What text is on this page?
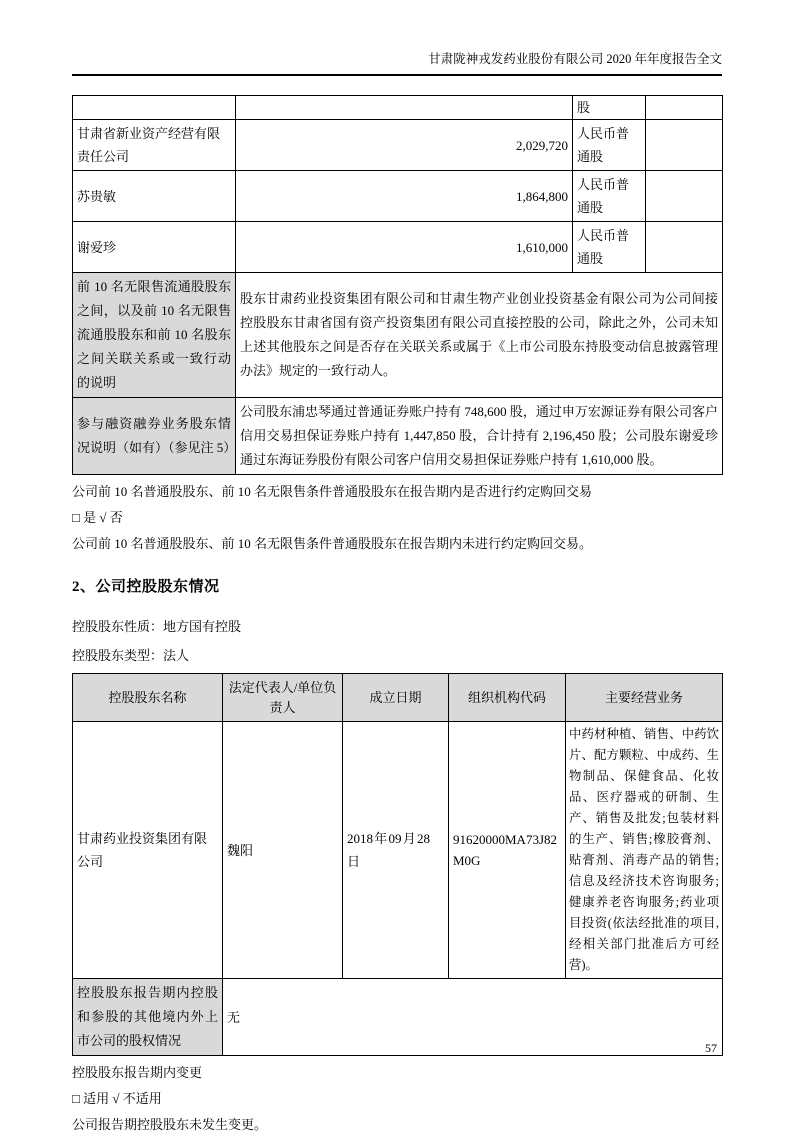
甘肃陇神戎发药业股份有限公司 2020 年年度报告全文
		股	
甘肃省新业资产经营有限责任公司	2,029,720	人民币普通股	
苏贵敏	1,864,800	人民币普通股	
谢爱珍	1,610,000	人民币普通股	
前 10 名无限售流通股股东之间，以及前 10 名无限售流通股股东和前 10 名股东之间关联关系或一致行动的说明	股东甘肃药业投资集团有限公司和甘肃生物产业创业投资基金有限公司为公司间接控股股东甘肃省国有资产投资集团有限公司直接控股的公司，除此之外，公司未知上述其他股东之间是否存在关联关系或属于《上市公司股东持股变动信息披露管理办法》规定的一致行动人。		
参与融资融券业务股东情况说明（如有）（参见注 5）	公司股东浦忠琴通过普通证券账户持有 748,600 股，通过申万宏源证券有限公司客户信用交易担保证券账户持有 1,447,850 股，合计持有 2,196,450 股；公司股东谢爱珍通过东海证券股份有限公司客户信用交易担保证券账户持有 1,610,000 股。		
公司前 10 名普通股股东、前 10 名无限售条件普通股股东在报告期内是否进行约定购回交易
□ 是 √ 否
公司前 10 名普通股股东、前 10 名无限售条件普通股股东在报告期内未进行约定购回交易。
2、公司控股股东情况
控股股东性质：地方国有控股
控股股东类型：法人
控股股东名称	法定代表人/单位负责人	成立日期	组织机构代码	主要经营业务
甘肃药业投资集团有限公司	魏阳	2018 年 09 月 28 日	91620000MA73J82M0G	中药材种植、销售、中药饮片、配方颗粒、中成药、生物制品、保健食品、化妆品、医疗器戒的研制、生产、销售及批发;包装材料的生产、销售;橡胶膏剂、贴膏剂、消毒产品的销售;信息及经济技术咨询服务;健康养老咨询服务;药业项目投资(依法经批准的项目,经相关部门批准后方可经营)。
控股股东报告期内控股和参股的其他境内外上市公司的股权情况	无			
控股股东报告期内变更
□ 适用 √ 不适用
公司报告期控股股东未发生变更。
57
